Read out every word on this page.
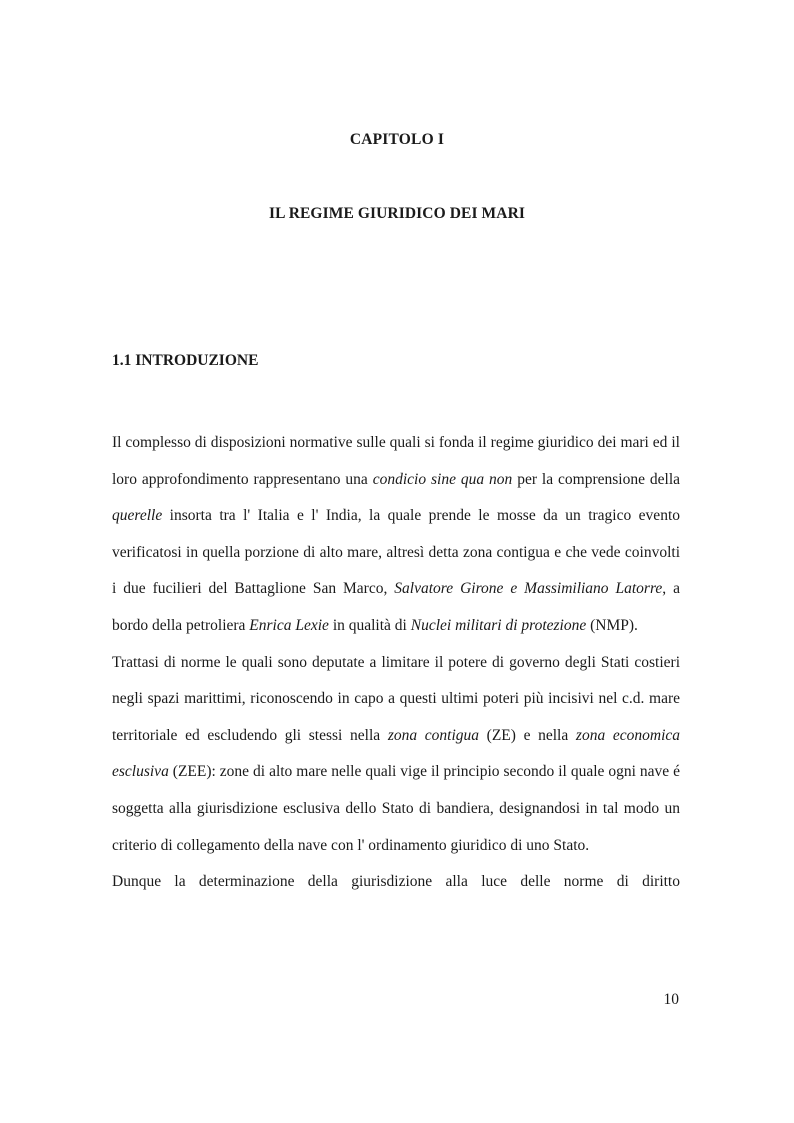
CAPITOLO I
IL REGIME GIURIDICO DEI MARI
1.1 INTRODUZIONE

Il complesso di disposizioni normative sulle quali si fonda il regime giuridico dei mari ed il loro approfondimento rappresentano una condicio sine qua non per la comprensione della querelle insorta tra l' Italia e l' India, la quale prende le mosse da un tragico evento verificatosi in quella porzione di alto mare, altresì detta zona contigua e che vede coinvolti i due fucilieri del Battaglione San Marco, Salvatore Girone e Massimiliano Latorre, a bordo della petroliera Enrica Lexie in qualità di Nuclei militari di protezione (NMP).

Trattasi di norme le quali sono deputate a limitare il potere di governo degli Stati costieri negli spazi marittimi, riconoscendo in capo a questi ultimi poteri più incisivi nel c.d. mare territoriale ed escludendo gli stessi nella zona contigua (ZE) e nella zona economica esclusiva (ZEE): zone di alto mare nelle quali vige il principio secondo il quale ogni nave é soggetta alla giurisdizione esclusiva dello Stato di bandiera, designandosi in tal modo un criterio di collegamento della nave con l' ordinamento giuridico di uno Stato.

Dunque la determinazione della giurisdizione alla luce delle norme di diritto

10
